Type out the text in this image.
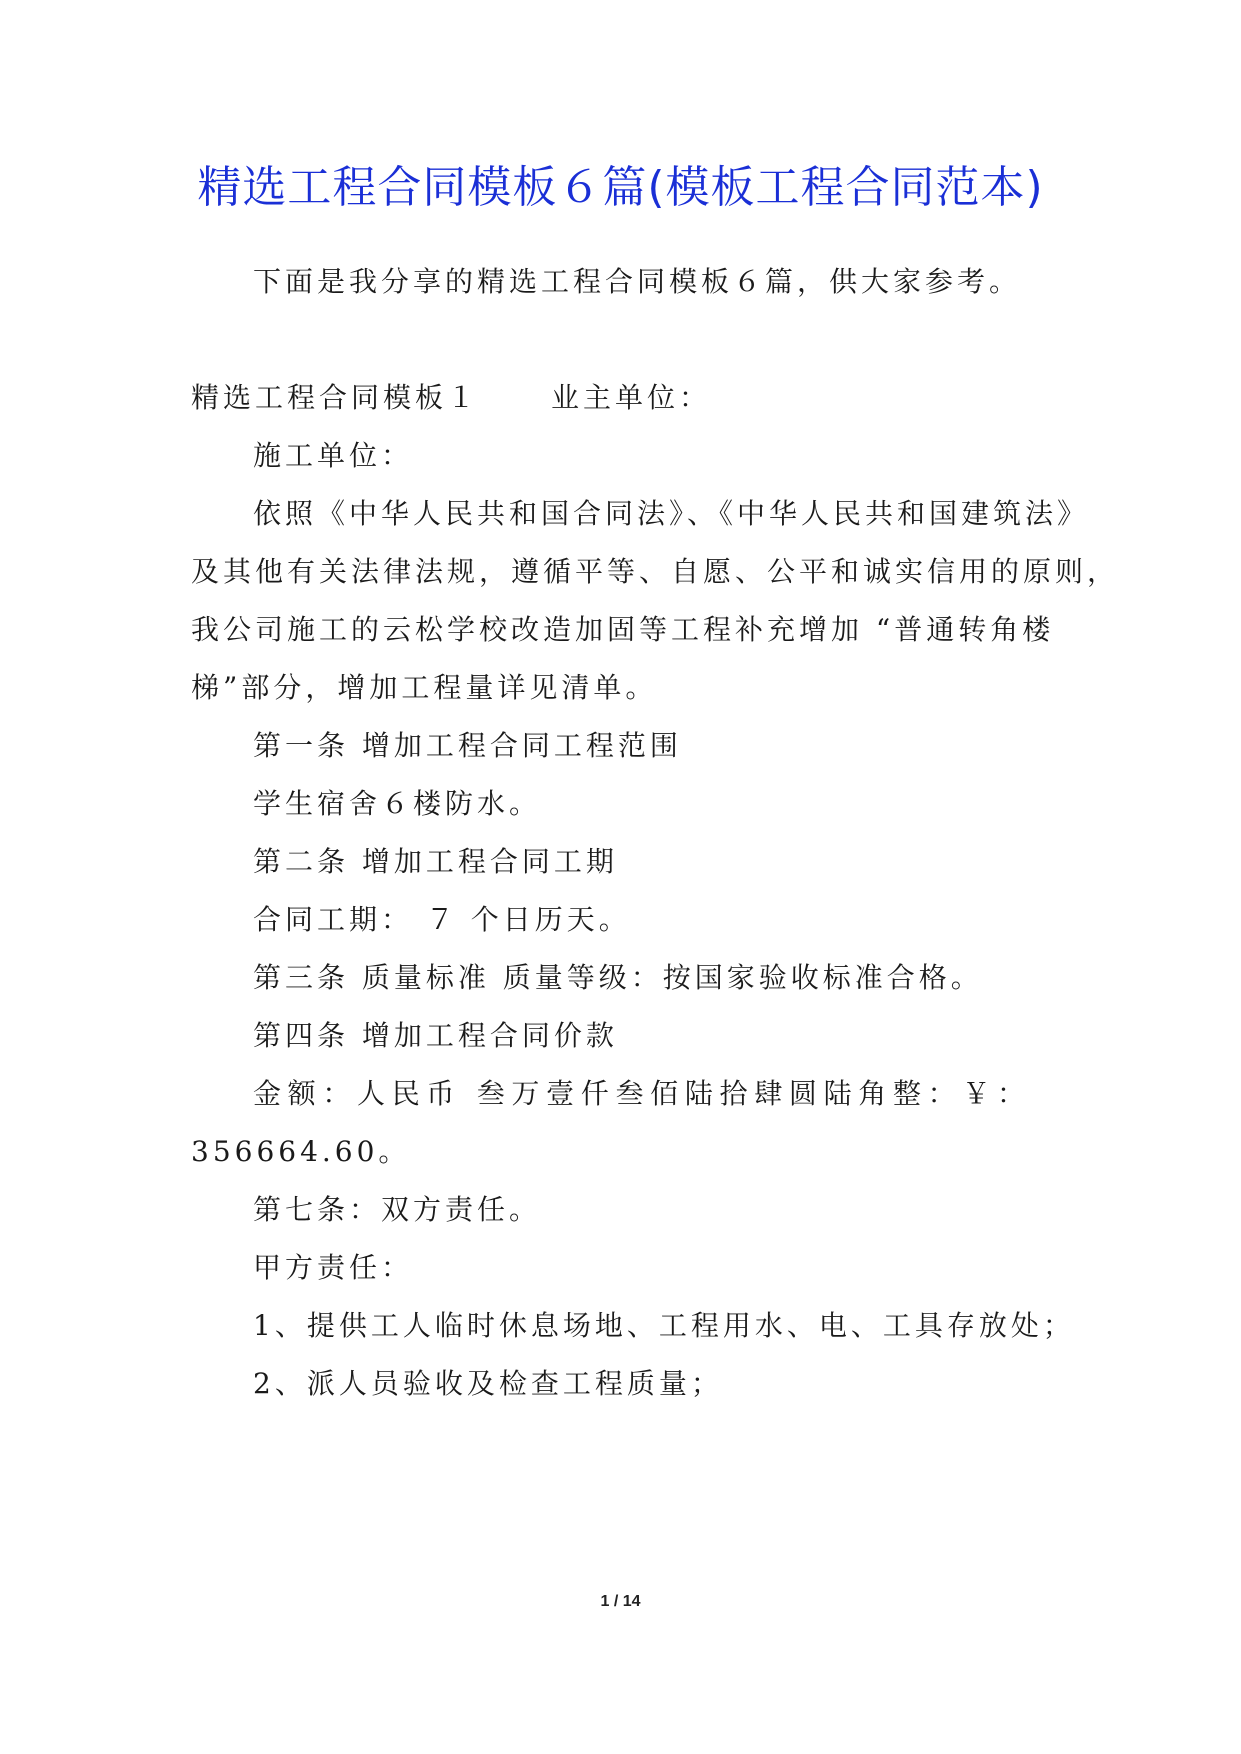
精选工程合同模板６篇(模板工程合同范本)
下面是我分享的精选工程合同模板６篇，供大家参考。
精选工程合同模板１	业主单位：
施工单位：
依照《中华人民共和国合同法》、《中华人民共和国建筑法》
及其他有关法律法规，遵循平等、自愿、公平和诚实信用的原则，
我公司施工的云松学校改造加固等工程补充增加 “普通转角楼
梯”部分，增加工程量详见清单。
第一条 增加工程合同工程范围
学生宿舍６楼防水。
第二条 增加工程合同工期
合同工期： ７ 个日历天。
第三条 质量标准 质量等级：按国家验收标准合格。
第四条 增加工程合同价款
金额：人民币 叁万壹仟叁佰陆拾肆圆陆角整：￥：
356664.60。
第七条：双方责任。
甲方责任：
1、提供工人临时休息场地、工程用水、电、工具存放处；
2、派人员验收及检查工程质量；
1 / 14
